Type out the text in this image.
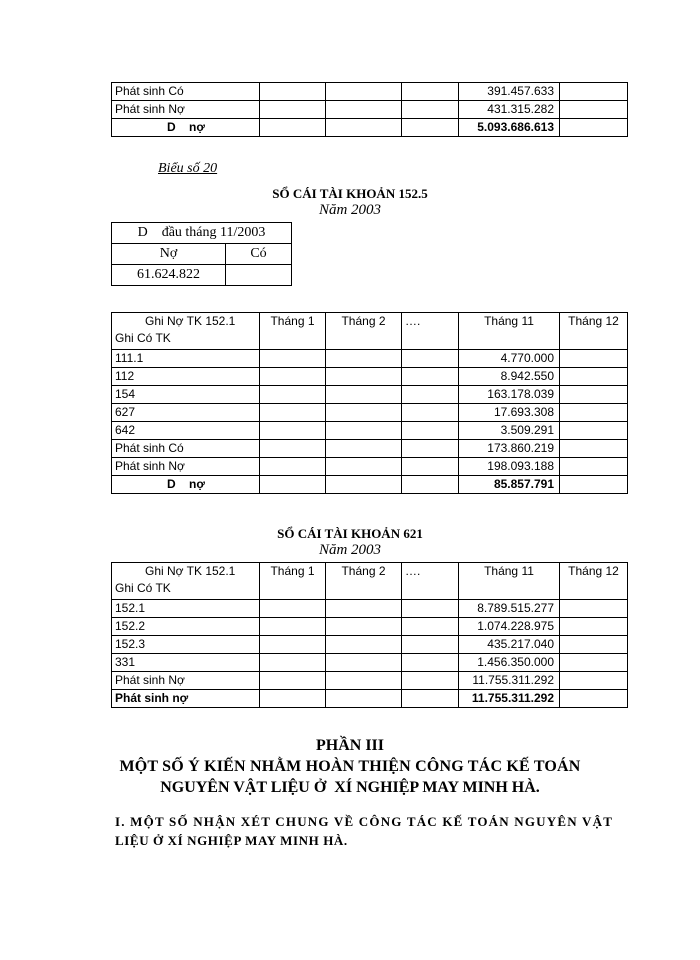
Phát sinh Có				391.457.633	
Phát sinh Nợ				431.315.282	
D    nợ				5.093.686.613	
Biểu số 20
SỔ CÁI TÀI KHOẢN 152.5
Năm 2003
D    đầu tháng 11/2003	
Nợ	Có
61.624.822	
Ghi Nợ TK 152.1
Ghi Có TK	Tháng 1	Tháng 2	….	Tháng 11	Tháng 12
111.1				4.770.000	
112				8.942.550	
154				163.178.039	
627				17.693.308	
642				3.509.291	
Phát sinh Có				173.860.219	
Phát sinh Nợ				198.093.188	
D    nợ				85.857.791	
SỔ CÁI TÀI KHOẢN 621
Năm 2003
Ghi Nợ TK 152.1
Ghi Có TK	Tháng 1	Tháng 2	….	Tháng 11	Tháng 12
152.1				8.789.515.277	
152.2				1.074.228.975	
152.3				435.217.040	
331				1.456.350.000	
Phát sinh Nợ				11.755.311.292	
Phát sinh nợ				11.755.311.292	
PHẦN III
MỘT SỐ Ý KIẾN NHẰM HOÀN THIỆN CÔNG TÁC KẾ TOÁN
NGUYÊN VẬT LIỆU Ở  XÍ NGHIỆP MAY MINH HÀ.
I. MỘT SỐ NHẬN XÉT CHUNG VỀ CÔNG TÁC KẾ TOÁN NGUYÊN VẬT
LIỆU Ở XÍ NGHIỆP MAY MINH HÀ.
